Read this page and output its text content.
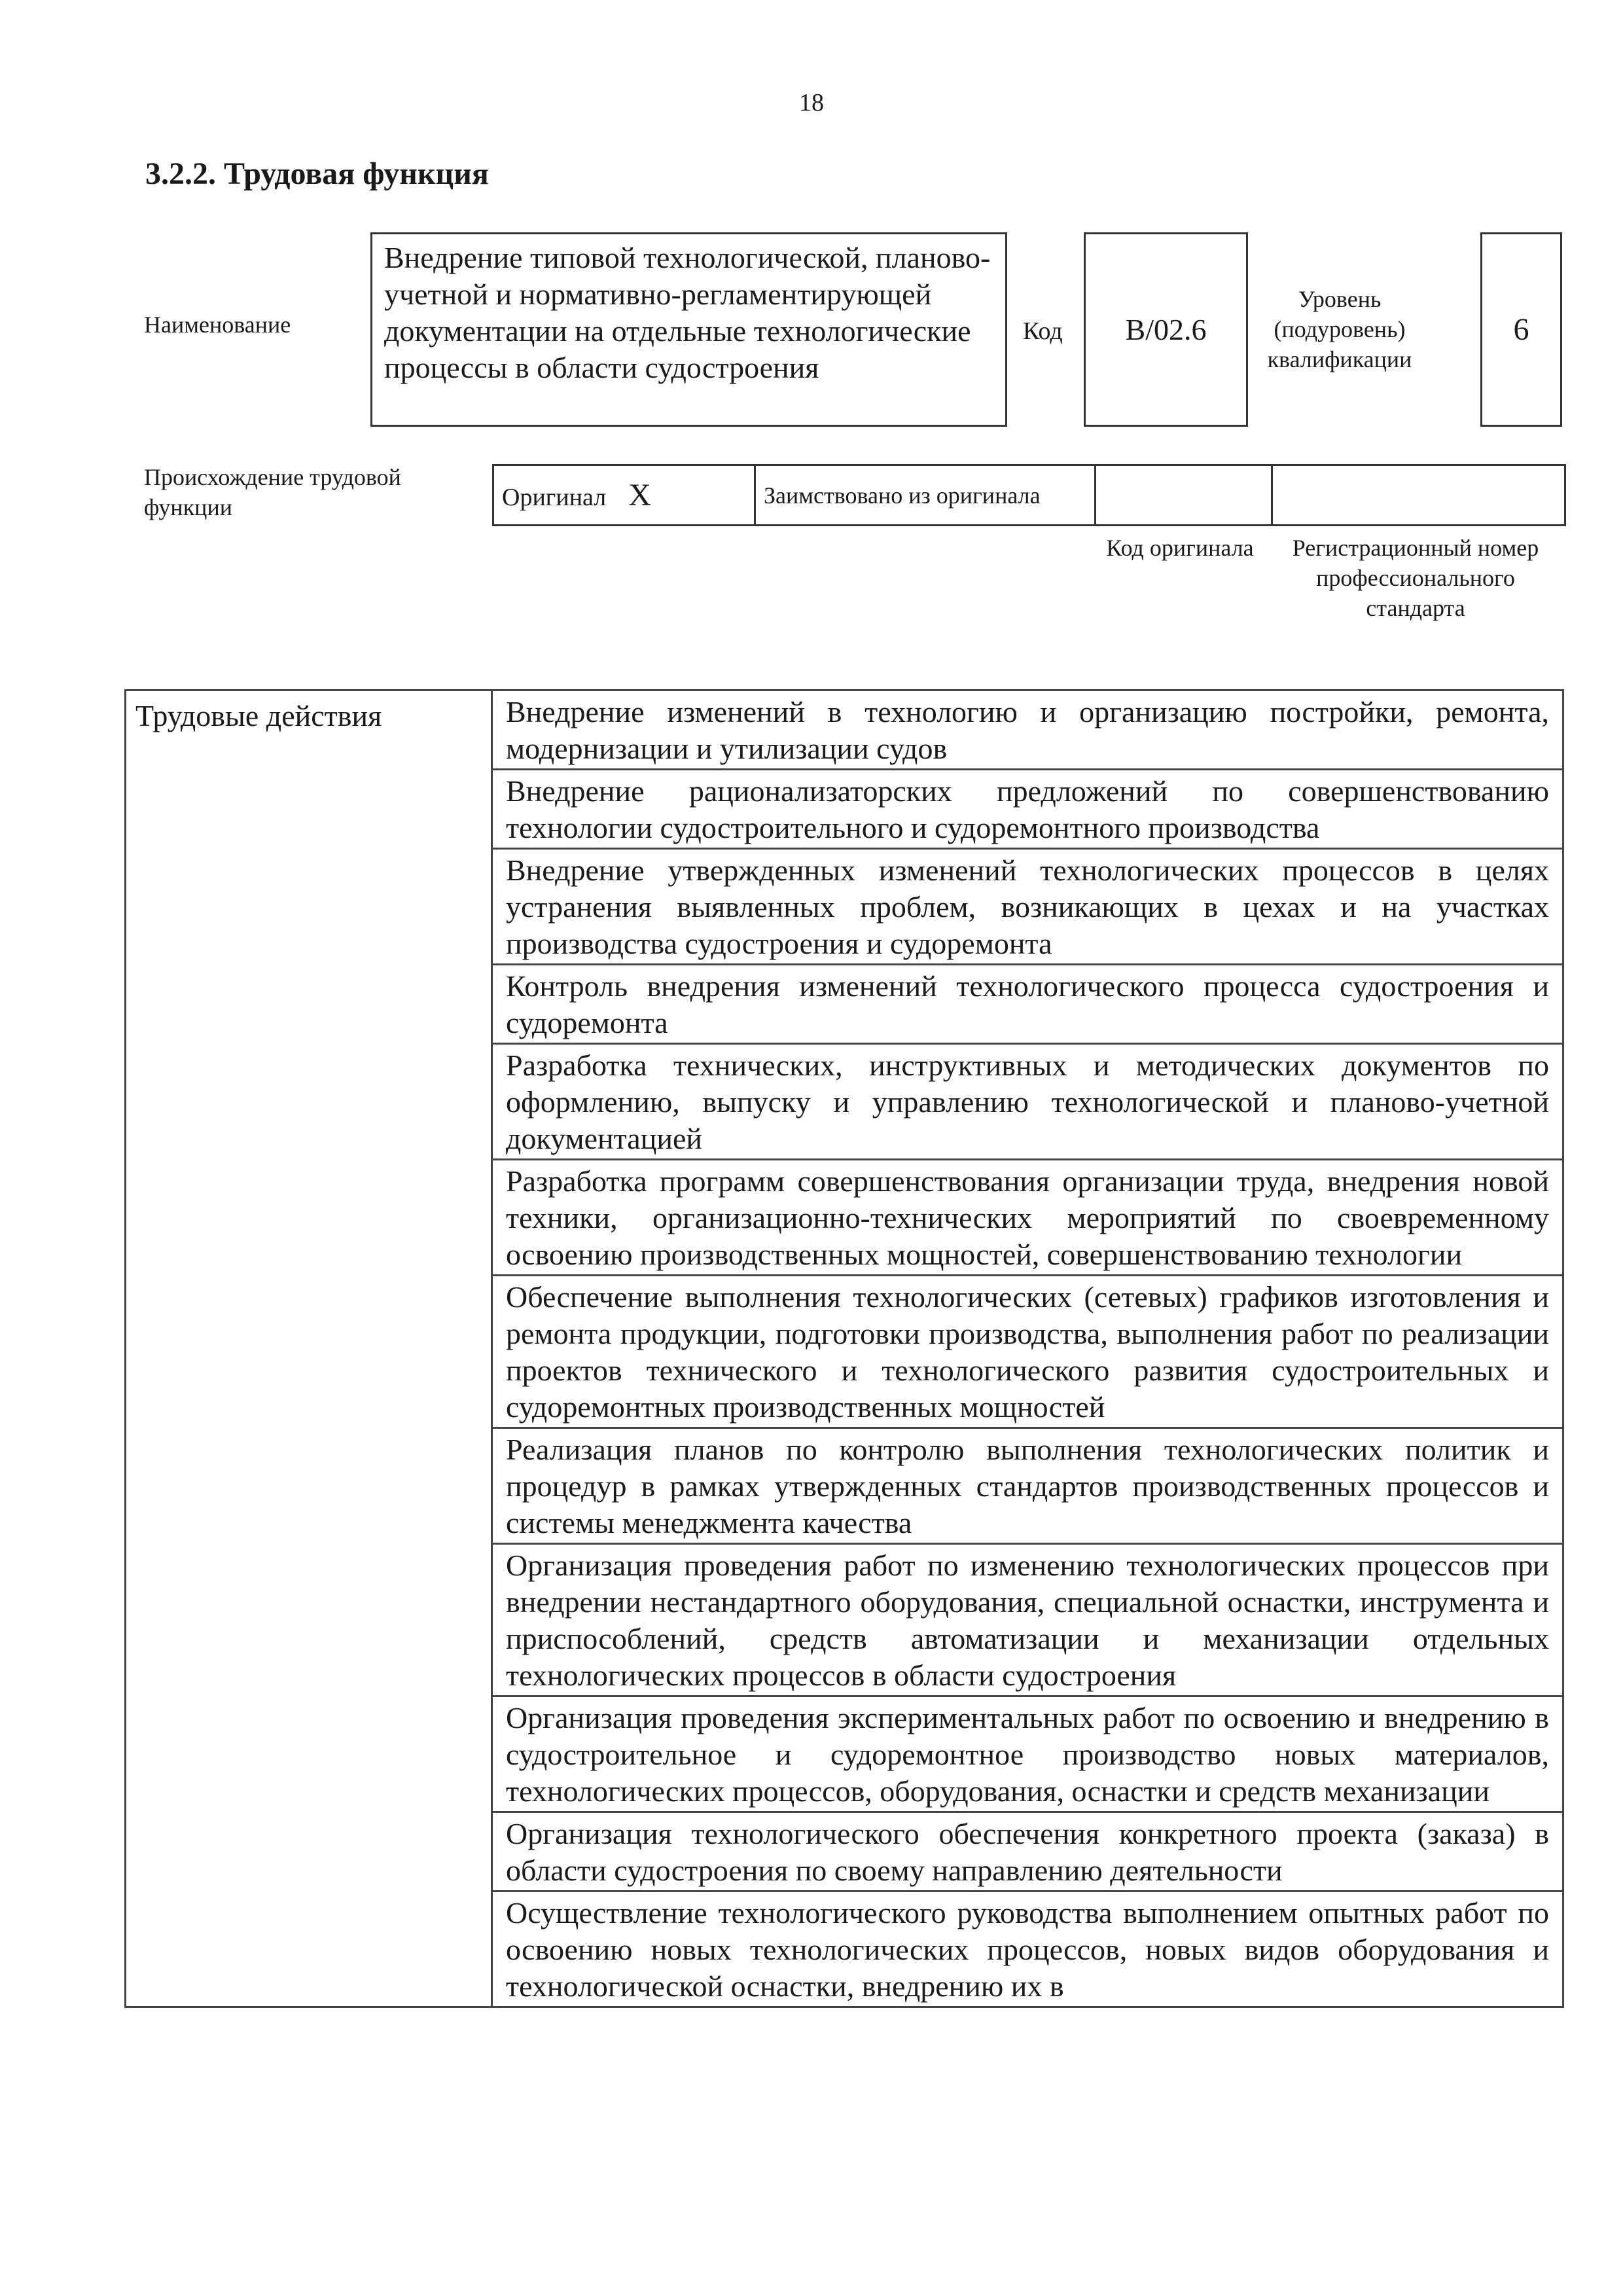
18
3.2.2. Трудовая функция
Наименование
Внедрение типовой технологической, планово-учетной и нормативно-регламентирующей документации на отдельные технологические процессы в области судостроения
Код	B/02.6
Уровень (подуровень) квалификации
6
Происхождение трудовой функции	Оригинал X	Заимствовано из оригинала

Код оригинала	Регистрационный номер профессионального стандарта
Трудовые действия	Внедрение изменений в технологию и организацию постройки, ремонта, модернизации и утилизации судов
Внедрение рационализаторских предложений по совершенствованию технологии судостроительного и судоремонтного производства
Внедрение утвержденных изменений технологических процессов в целях устранения выявленных проблем, возникающих в цехах и на участках производства судостроения и судоремонта
Контроль внедрения изменений технологического процесса судостроения и судоремонта
Разработка технических, инструктивных и методических документов по оформлению, выпуску и управлению технологической и планово-учетной документацией
Разработка программ совершенствования организации труда, внедрения новой техники, организационно-технических мероприятий по своевременному освоению производственных мощностей, совершенствованию технологии
Обеспечение выполнения технологических (сетевых) графиков изготовления и ремонта продукции, подготовки производства, выполнения работ по реализации проектов технического и технологического развития судостроительных и судоремонтных производственных мощностей
Реализация планов по контролю выполнения технологических политик и процедур в рамках утвержденных стандартов производственных процессов и системы менеджмента качества
Организация проведения работ по изменению технологических процессов при внедрении нестандартного оборудования, специальной оснастки, инструмента и приспособлений, средств автоматизации и механизации отдельных технологических процессов в области судостроения
Организация проведения экспериментальных работ по освоению и внедрению в судостроительное и судоремонтное производство новых материалов, технологических процессов, оборудования, оснастки и средств механизации
Организация технологического обеспечения конкретного проекта (заказа) в области судостроения по своему направлению деятельности
Осуществление технологического руководства выполнением опытных работ по освоению новых технологических процессов, новых видов оборудования и технологической оснастки, внедрению их в
